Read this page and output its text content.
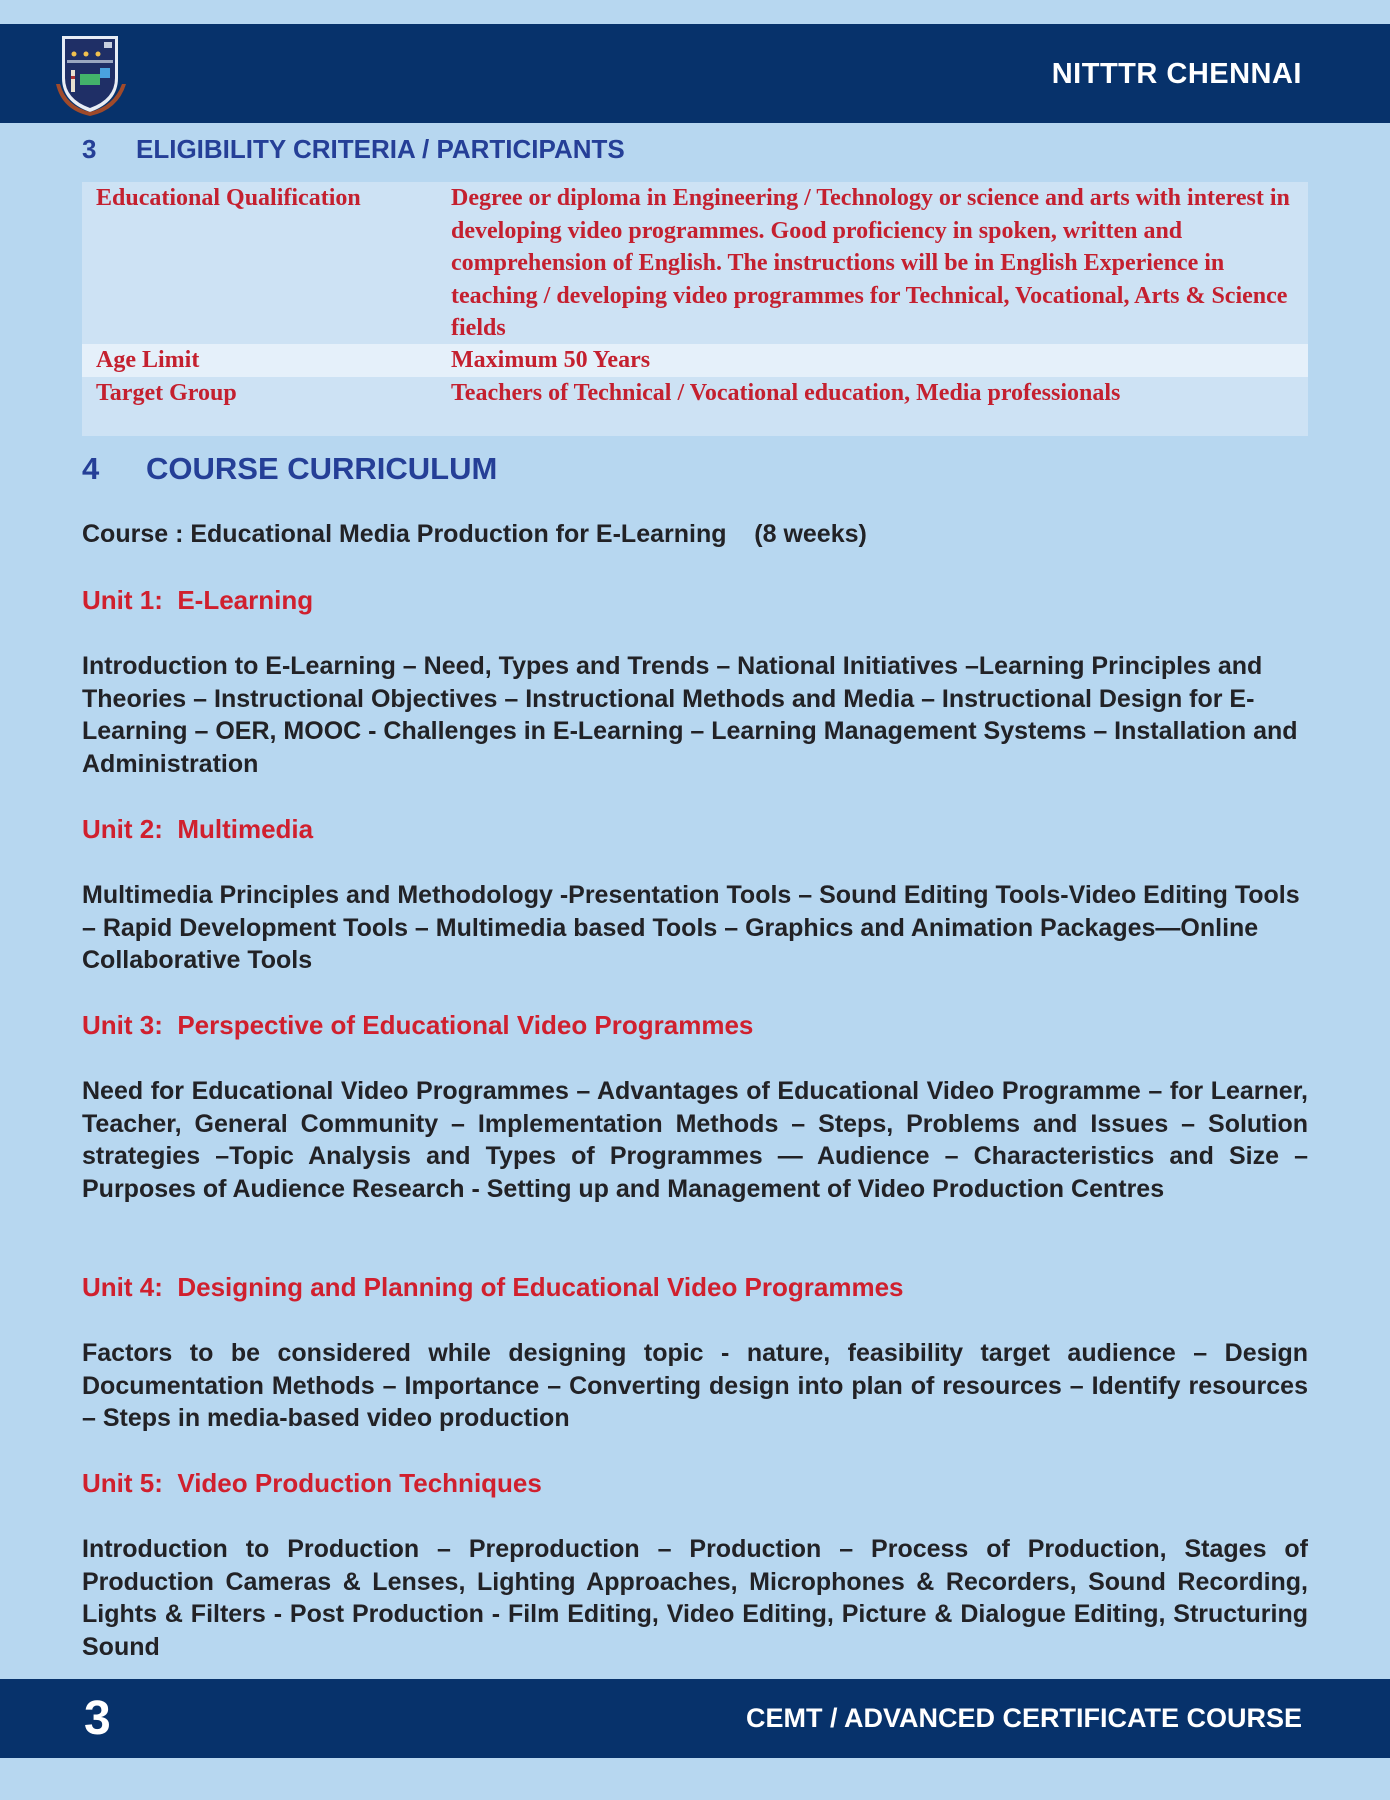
NITTTR CHENNAI
3 ELIGIBILITY CRITERIA / PARTICIPANTS
Educational Qualification	Degree or diploma in Engineering / Technology or science and arts with interest in developing video programmes. Good proficiency in spoken, written and comprehension of English. The instructions will be in English Experience in teaching / developing video programmes for Technical, Vocational, Arts & Science fields
Age Limit	Maximum 50 Years
Target Group	Teachers of Technical / Vocational education, Media professionals
4 COURSE CURRICULUM
Course : Educational Media Production for E-Learning    (8 weeks)
Unit 1:  E-Learning
Introduction to E-Learning – Need, Types and Trends – National Initiatives –Learning Principles and Theories – Instructional Objectives – Instructional Methods and Media – Instructional Design for E-Learning – OER, MOOC - Challenges in E-Learning – Learning Management Systems – Installation and Administration
Unit 2:  Multimedia
Multimedia Principles and Methodology -Presentation Tools – Sound Editing Tools-Video Editing Tools – Rapid Development Tools – Multimedia based Tools – Graphics and Animation Packages—Online Collaborative Tools
Unit 3:  Perspective of Educational Video Programmes
Need for Educational Video Programmes – Advantages of Educational Video Programme – for Learner, Teacher, General Community – Implementation Methods – Steps, Problems and Issues – Solution strategies –Topic Analysis and Types of Programmes — Audience – Characteristics and Size – Purposes of Audience Research - Setting up and Management of Video Production Centres
Unit 4:  Designing and Planning of Educational Video Programmes
Factors to be considered while designing topic - nature, feasibility target audience – Design Documentation Methods – Importance – Converting design into plan of resources – Identify resources – Steps in media-based video production
Unit 5:  Video Production Techniques
Introduction to Production – Preproduction – Production – Process of Production, Stages of Production Cameras & Lenses, Lighting Approaches, Microphones & Recorders, Sound Recording, Lights & Filters - Post Production - Film Editing, Video Editing, Picture & Dialogue Editing, Structuring Sound
3	CEMT / ADVANCED CERTIFICATE COURSE
